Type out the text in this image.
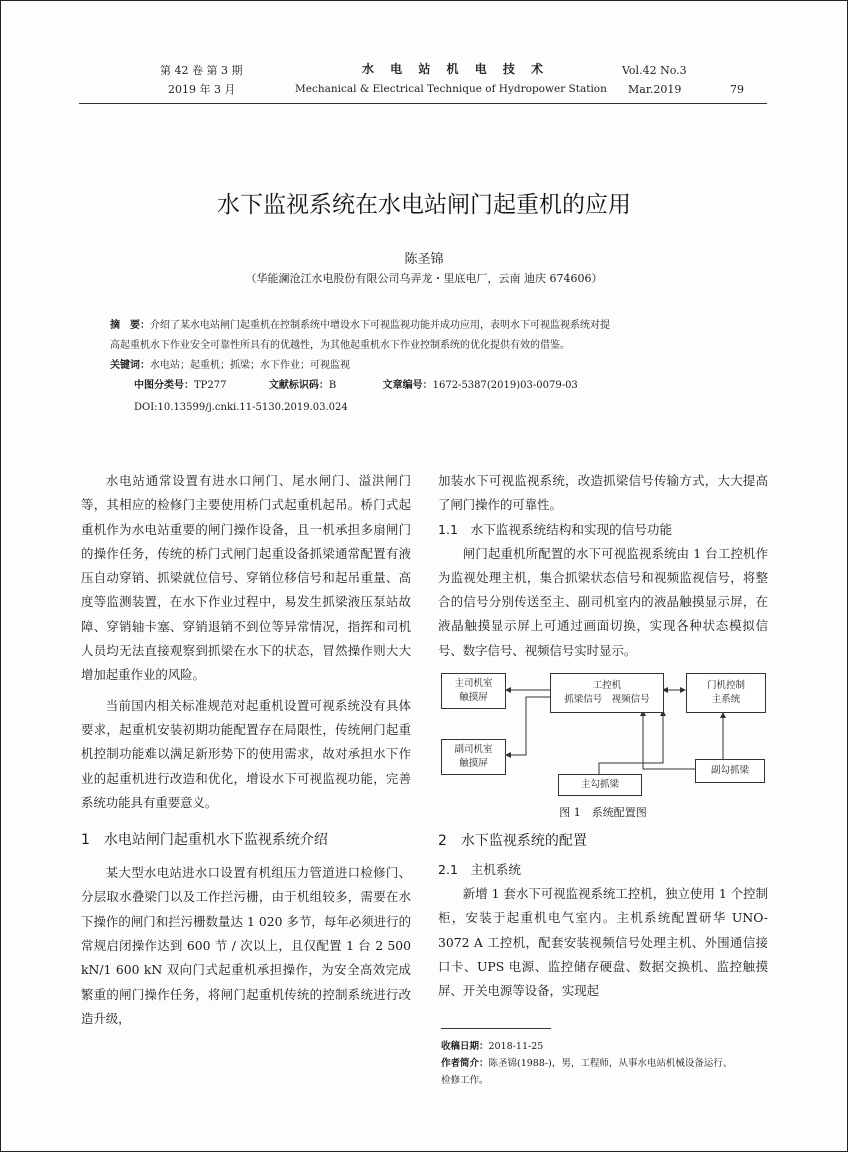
第 42 卷 第 3 期
2019 年 3 月
水 电 站 机 电 技 术
Mechanical & Electrical Technique of Hydropower Station
Vol.42 No.3
Mar.2019	79
水下监视系统在水电站闸门起重机的应用
陈圣锦
（华能澜沧江水电股份有限公司乌弄龙・里底电厂，云南 迪庆 674606）
摘　要：介绍了某水电站闸门起重机在控制系统中增设水下可视监视功能并成功应用，表明水下可视监视系统对提
高起重机水下作业安全可靠性所具有的优越性，为其他起重机水下作业控制系统的优化提供有效的借鉴。
关键词：水电站；起重机；抓梁；水下作业；可视监视
中图分类号：TP277	文献标识码：B	文章编号：1672-5387(2019)03-0079-03
DOI:10.13599/j.cnki.11-5130.2019.03.024

水电站通常设置有进水口闸门、尾水闸门、溢洪闸门等，其相应的检修门主要使用桥门式起重机起吊。桥门式起重机作为水电站重要的闸门操作设备，且一机承担多扇闸门的操作任务，传统的桥门式闸门起重设备抓梁通常配置有液压自动穿销、抓梁就位信号、穿销位移信号和起吊重量、高度等监测装置，在水下作业过程中，易发生抓梁液压泵站故障、穿销轴卡塞、穿销退销不到位等异常情况，指挥和司机人员均无法直接观察到抓梁在水下的状态，冒然操作则大大增加起重作业的风险。

当前国内相关标准规范对起重机设置可视系统没有具体要求，起重机安装初期功能配置存在局限性，传统闸门起重机控制功能难以满足新形势下的使用需求，故对承担水下作业的起重机进行改造和优化，增设水下可视监视功能，完善系统功能具有重要意义。

1　水电站闸门起重机水下监视系统介绍

某大型水电站进水口设置有机组压力管道进口检修门、分层取水叠梁门以及工作拦污栅，由于机组较多，需要在水下操作的闸门和拦污栅数量达 1 020 多节，每年必须进行的常规启闭操作达到 600 节 / 次以上，且仅配置 1 台 2 500 kN/1 600 kN 双向门式起重机承担操作，为安全高效完成繁重的闸门操作任务，将闸门起重机传统的控制系统进行改造升级，

加装水下可视监视系统，改造抓梁信号传输方式，大大提高了闸门操作的可靠性。

1.1　水下监视系统结构和实现的信号功能

闸门起重机所配置的水下可视监视系统由 1 台工控机作为监视处理主机，集合抓梁状态信号和视频监视信号，将整合的信号分别传送至主、副司机室内的液晶触摸显示屏，在液晶触摸显示屏上可通过画面切换，实现各种状态模拟信号、数字信号、视频信号实时显示。

主司机室
触摸屏
工控机
抓梁信号　视频信号
门机控制
主系统
副司机室
触摸屏
主勾抓梁
副勾抓梁
图 1　系统配置图
2　水下监视系统的配置
2.1　主机系统

新增 1 套水下可视监视系统工控机，独立使用 1 个控制柜，安装于起重机电气室内。主机系统配置研华 UNO-3072 A 工控机，配套安装视频信号处理主机、外围通信接口卡、UPS 电源、监控储存硬盘、数据交换机、监控触摸屏、开关电源等设备，实现起

收稿日期：2018-11-25
作者简介：陈圣锦(1988-)，男，工程师，从事水电站机械设备运行、
检修工作。
